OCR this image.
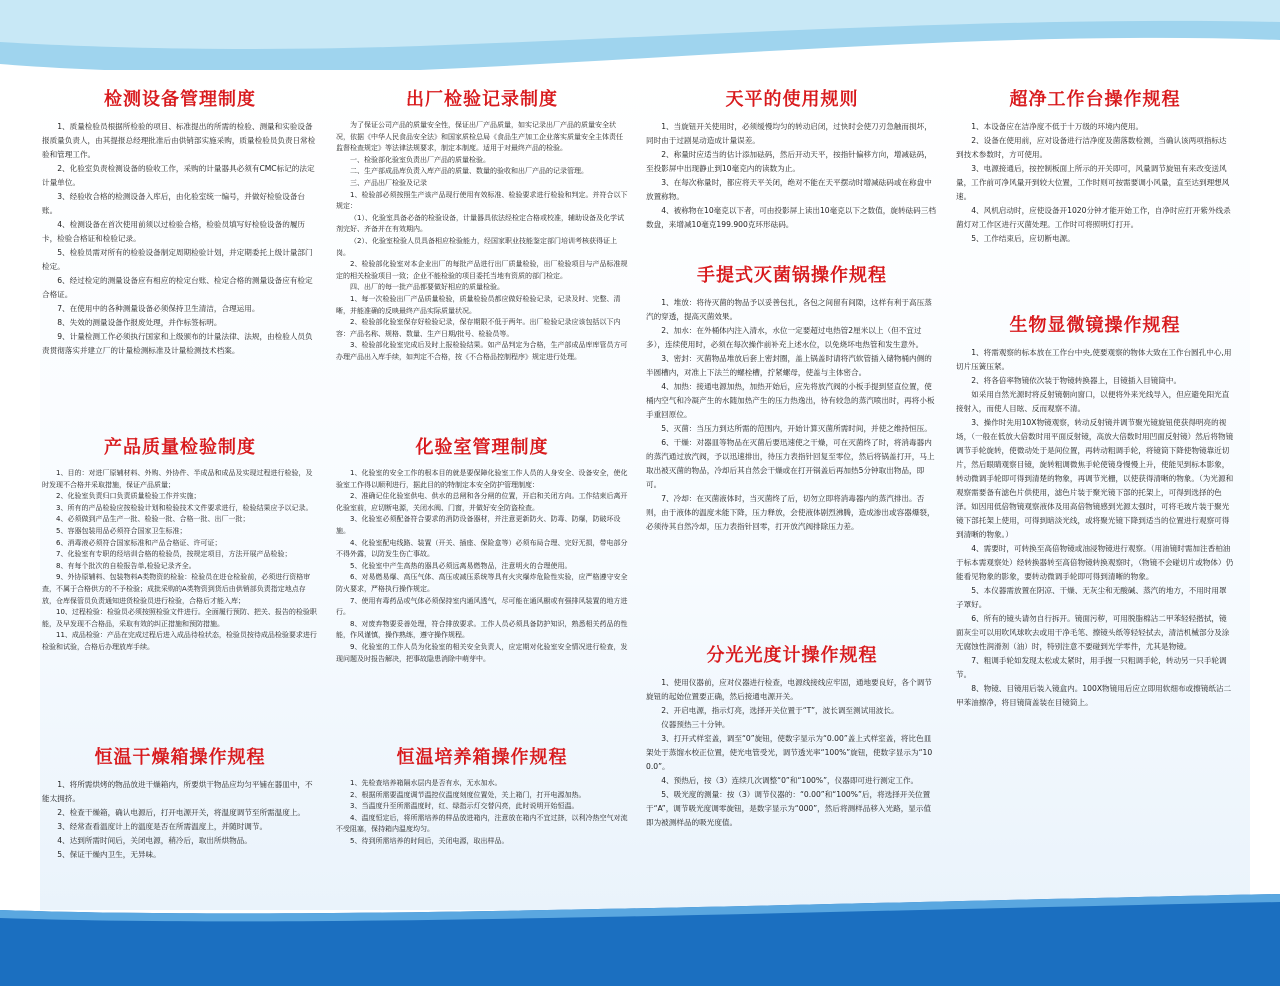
检测设备管理制度

1、质量检验员根据所检验的项目、标准提出的所需的检验、测量和实验设备报质量负责人，由其提报总经理批准后由供销部实施采购，质量检验员负责日常检验和管理工作。

2、化验室负责检测设备的验收工作，采购的计量器具必须有CMC标记的法定计量单位。

3、经验收合格的检测设备入库后，由化验室统一编号，并做好检验设备台账。

4、检测设备在首次使用前须以过检验合格，检验员填写好检验设备的履历卡，检验合格证和检验记录。

5、检验员需对所有的检验设备制定周期检验计划，并定期委托上级计量部门检定。

6、经过检定的测量设备应有相应的检定台账、检定合格的测量设备应有检定合格证。

7、在使用中的各种测量设备必须保持卫生清洁，合理运用。

8、失效的测量设备作报废处理，并作标签标明。

9、计量检测工作必须执行国家和上级颁布的计量法律、法规，由检验人员负责贯彻落实并建立厂的计量检测标准及计量检测技术档案。

产品质量检验制度

1、目的：对进厂原辅材料、外购、外协件、半成品和成品及实现过程进行检验，及时发现不合格并采取措施，保证产品质量；

2、化验室负责归口负责质量检验工作并实施；

3、所有的产品检验应按检验计划和检验技术文件要求进行，检验结果应予以记录。

4、必须做到产品生产一批、检验一批、合格一批、出厂一批；

5、容器包装用品必须符合国家卫生标准；

6、消毒液必须符合国家标准和产品合格证、许可证；

7、化验室有专职的经培训合格的检验员，按规定项目，方法开展产品检验；

8、有每个批次的自检报告单,检验记录齐全。

9、外协原辅料、包装物料A类物资的检验：检验员在进仓检验前，必须进行资格审查，不属于合格供方的不予检验；成批采购的A类物资到货后由供销部负责指定地点存放，仓库保管员负责通知进货检验员进行检验，合格后才能入库；

10、过程检验：检验员必须按照检验文件进行。全面履行预防、把关、报告的检验职能，及早发现不合格品，采取有效的纠正措施和预防措施。

11、成品检验：产品在完成过程后进入成品待检状态，检验员按待成品检验要求进行检验和试验，合格后办理放库手续。

恒温干燥箱操作规程

1、将所需烘烤的物品放进干燥箱内，所要烘干物品应均匀平铺在器皿中，不能太拥挤。

2、检查干燥箱，确认电源后，打开电源开关，将温度调节至所需温度上。

3、经常查看温度计上的温度是否在所需温度上，并随时调节。

4、达到所需时间后，关闭电源，稍冷后，取出所烘物品。

5、保证干燥内卫生，无异味。

出厂检验记录制度

为了保证公司产品的质量安全性，保证出厂产品质量，如实记录出厂产品的质量安全状况，依据《中华人民食品安全法》和国家质检总局《食品生产加工企业落实质量安全主体责任监督检查规定》等法律法规要求，制定本制度。适用于对最终产品的检验。

一、检验部化验室负责出厂产品的质量检验。

二、生产部成品库负责入库产品的质量、数量的验收和出厂产品的记录管理。

三、产品出厂检验及记录

1、检验部必须按照生产该产品现行使用有效标准、检验要求进行检验和判定。并符合以下规定：

（1）、化验室具备必备的检验设备，计量器具依法经检定合格或校准，辅助设备及化学试剂完好、齐备并在有效期内。

（2）、化验室检验人员具备相应检验能力，经国家职业技能鉴定部门培训考核获得证上岗。

2、检验部化验室对本企业出厂的每批产品进行出厂质量检验，出厂检验项目与产品标准规定的相关检验项目一致；企业不能检验的项目委托当地有资质的部门检定。

四、出厂的每一批产品都要做好相应的质量检验。

1、每一次检验出厂产品质量检验，质量检验员都应做好检验记录，记录及时、完整、清晰，并能准确的反映最终产品实际质量状况。

2、检验部化验室保存好检验记录，保存期限不低于两年。出厂检验记录应该包括以下内容：产品名称、规格、数量、生产日期/批号、检验员等。

3、检验部化验室完成后及时上报检验结果。如产品判定为合格，生产部成品库库管员方可办理产品出入库手续，如判定不合格，按《不合格品控制程序》规定进行处理。

化验室管理制度

1、化验室的安全工作的根本目的就是要保障化验室工作人员的人身安全、设备安全，使化验室工作得以顺利进行，据此目的的特制定本安全防护管理制度：

2、准确记住化验室供电、供水的总闸和各分闸的位置，开启和关闭方向。工作结束后离开化验室前，应切断电源，关闭水阀、门窗，并做好安全防盗检查。

3、化验室必须配备符合要求的消防设备器材，并注意更新防火、防毒、防爆，防破坏设施。

4、化验室配电线路、装置（开关、插座、保险盒等）必须布局合理、完好无损，带电部分不得外露，以防发生伤亡事故。

5、化验室中产生高热的器具必须远离易燃物品，注意明火的合理使用。

6、对易燃易爆、高压气体、高压或减压系统等具有火灾爆炸危险性实验，应严格遵守安全防火要求，严格执行操作规定。

7、使用有毒药品或气体必须保持室内通风透气，尽可能在通风橱或有强排风装置的地方进行。

8、对废弃物要妥善处理，符合排放要求。工作人员必须具备防护知识，熟悉相关药品的性能，作风谨慎，操作熟练，遵守操作规程。

9、化验室的工作人员为化验室的相关安全负责人，应定期对化验室安全情况进行检查，发现问题及时报告解决，把事故隐患消除中萌芽中。

恒温培养箱操作规程

1、先检查培养箱隔水层内是否有水，无水加水。

2、根据所需要温度调节温控仪温度刻度位置处，关上箱门，打开电源加热。

3、当温度升至所需温度时，红、绿指示灯交替闪亮，此时说明开始恒温。

4、温度恒定后，将所需培养的样品放进箱内，注意放在箱内不宜过挤，以利冷热空气对流不受阻塞，保持箱内温度均匀。

5、待到所需培养的时间后，关闭电源，取出样品。

天平的使用规则

1、当旋钮开关使用时，必须缓慢均匀的转动启闭，过快时会使刀刃急触而损坏，同时由于过剧晃动造成计量误差。

2、称量时应适当的估计添加砝码，然后开动天平，按指针偏移方向，增减砝码，至投影屏中出现静止到10毫克内的读数为止。

3、在每次称量时，都应将天平关闭，绝对不能在天平摆动时增减砝码或在称盘中放置称物。

4、被称物在10毫克以下者，可由投影屏上读出10毫克以下之数值，旋转砝码三档数盘，来增减10毫克199.900克环形砝码。

手提式灭菌锅操作规程

1、堆放：将待灭菌的物品予以妥善包扎，各包之间留有间隙，这样有利于高压蒸汽的穿透，提高灭菌效果。

2、加水：在外桶体内注入清水，水位一定要超过电热管2厘米以上（但不宜过多），连续使用时，必须在每次操作前补充上述水位，以免烧坏电热管和发生意外。

3、密封：灭菌物品堆放后套上密封圈，盖上锅盖时请将汽软管插入储物桶内侧的半圆槽内，对准上下法兰的螺栓槽，拧紧螺母，使盖与主体密合。

4、加热：接通电源加热，加热开始后，应先将放汽阀的小板手提到竖直位置，使桶内空气和冷凝产生的水随加热产生的压力热逸出，待有较急的蒸汽喷出时，再将小板手重回原位。

5、灭菌：当压力到达所需的范围内，开始计算灭菌所需时间，并使之维持恒压。

6、干燥：对器皿等物品在灭菌后要迅速使之干燥，可在灭菌终了时，将消毒器内的蒸汽通过放汽阀，予以迅速排出，待压力表指针回复至零位，然后将锅盖打开，马上取出被灭菌的物品，冷却后其自然会干燥或在打开锅盖后再加热5分钟取出物品，即可。

7、冷却：在灭菌液体时，当灭菌终了后，切勿立即将消毒器内的蒸汽排出。否则，由于液体的温度未能下降，压力释放，会使液体剧烈沸腾，造成渗出或容器爆裂，必须待其自然冷却，压力表指针回零，打开放汽阀排除压力差。

分光光度计操作规程

1、使用仪器前，应对仪器进行检查，电源线接线应牢固，通地要良好，各个调节旋钮的起始位置要正确，然后接通电源开关。

2、开启电源，指示灯亮，选择开关位置于“T”，波长调至测试用波长。

仪器预热三十分钟。

3、打开式样室盖，调至“0”旋钮，使数字显示为“0.00”盖上式样室盖，将比色皿架处于蒸馏水校正位置，使光电管受光，调节透光率“100%”旋钮，使数字显示为“100.0”。

4、预热后，按（3）连续几次调整“0”和“100%”，仪器即可进行测定工作。

5、吸光度的测量：按（3）调节仪器的：“0.00”和“100%”后，将选择开关位置于“A”，调节吸光度调零旋钮，是数字显示为“000”，然后将测样品移入光路，显示值即为被测样品的吸光度值。

超净工作台操作规程

1、本设备应在洁净度不低于十万级的环境内使用。

2、设备在使用前，应对设备进行洁净度及菌落数检测，当确认该两项指标达到技术参数时，方可使用。

3、电源接通后，按控制板面上所示的开关即可，风量调节旋钮有来改变送风量，工作前可净风量开到较大位置，工作时则可按需要调小风量，直至达到理想风速。

4、风机启动时，应使设备开1020分钟才能开始工作，自净时应打开紫外线杀菌灯对工作区进行灭菌处理。工作时可将照明灯打开。

5、工作结束后，应切断电源。

生物显微镜操作规程

1、将需观察的标本放在工作台中央,使要观察的物体大致在工作台圆孔中心,用切片压簧压紧。

2、将各倍率物镜依次装于物镜转换器上，目镜插入目镜筒中。

如采用自然光源时将反射镜朝向窗口，以便将外来光线导入，但应避免阳光直接射入，而使人目眩、反而观察不清。

3、操作时先用10X物镜观察，转动反射镜并调节聚光镜旋钮使获得明亮的视场，（一般在低放大倍数时用平面反射镜，高放大倍数时用凹面反射镜）然后将物镜调节手轮旋转，使微动处于是间位置，再转动粗调手轮，将镜筒下降使物镜靠近切片，然后眼睛观察目镜，旋转粗调微焦手轮使镜身慢慢上升，使能见到标本影象，转动微调手轮即可得到清楚的物象，再调节光栅，以使获得清晰的物象。（为光源和观察需要备有滤色片供使用，滤色片装于聚光镜下部的托架上，可得到选择的色泽。如因用低倍物镜观察液体及用高倍物镜感到光源太强时，可将毛玻片装于聚光镜下部托架上使用，可得到暗淡光线，或将聚光镜下降到适当的位置进行观察可得到清晰的物象。）

4、需要时，可转换至高倍物镜或油浸物镜进行观察。（用油镜时需加注香柏油于标本需观察处）经转换器转至高倍物镜转换观察时，（物镜不会碰切片或物体）仍能看见物象的影象，要转动微调手轮即可得到清晰的物象。

5、本仪器需放置在阴凉、干燥、无灰尘和无酸碱、蒸汽的地方，不用时用罩子罩好。

6、所有的镜头请勿自行拆开。镜面污秽，可用脱脂棉沾二甲苯轻轻揩拭，镜面灰尘可以用吹风球吹去或用干净毛笔、擦镜头纸等轻轻拭去，清洁机械部分及涂无腐蚀性润滑剂（油）时，特别注意不要碰到光学零件，尤其是物镜。

7、粗调手轮如发现太松或太紧时，用手握一只粗调手轮，转动另一只手轮调节。

8、物镜、目镜用后装入镜盒内。100X物镜用后应立即用软细布或擦镜纸沾二甲苯油擦净，将目镜筒盖装在目镜筒上。
